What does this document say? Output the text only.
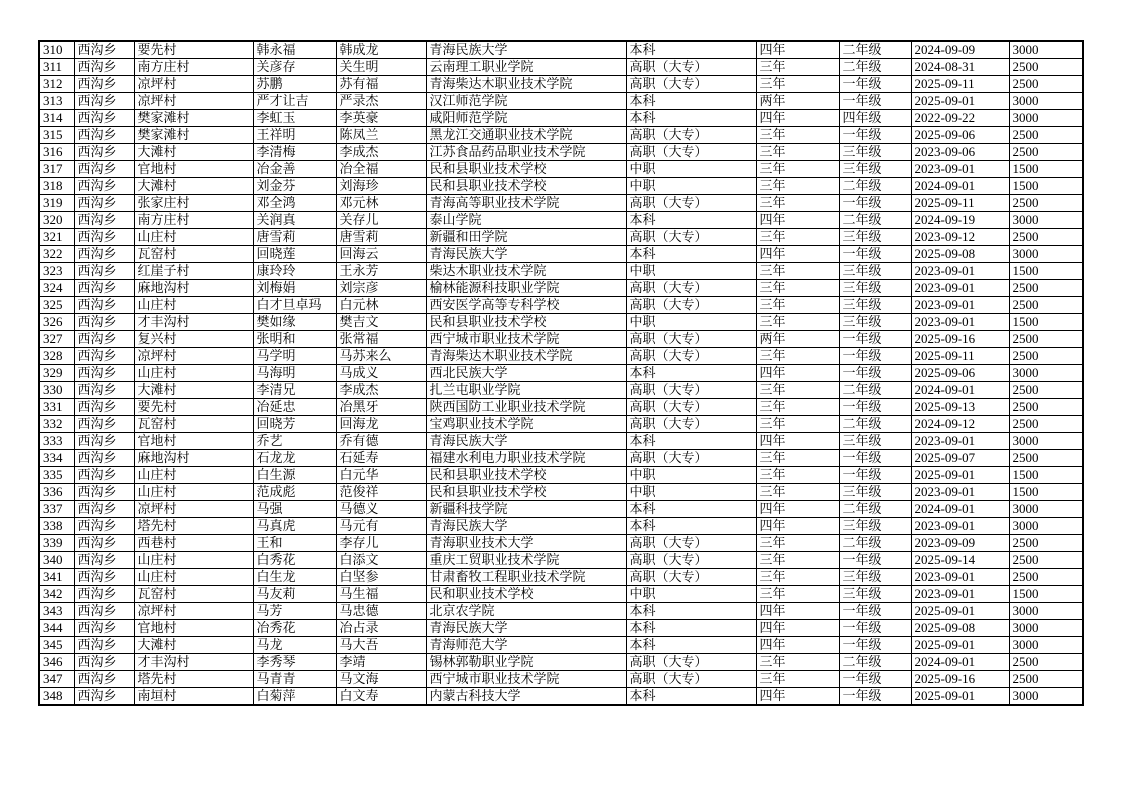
310	西沟乡	要先村	韩永福	韩成龙	青海民族大学	本科	四年	二年级	2024-09-09	3000
311	西沟乡	南方庄村	关彦存	关生明	云南理工职业学院	高职（大专）	三年	二年级	2024-08-31	2500
312	西沟乡	凉坪村	苏鹏	苏有福	青海柴达木职业技术学院	高职（大专）	三年	一年级	2025-09-11	2500
313	西沟乡	凉坪村	严才让吉	严录杰	汉江师范学院	本科	两年	一年级	2025-09-01	3000
314	西沟乡	樊家滩村	李虹玉	李英豪	咸阳师范学院	本科	四年	四年级	2022-09-22	3000
315	西沟乡	樊家滩村	王祥明	陈凤兰	黑龙江交通职业技术学院	高职（大专）	三年	一年级	2025-09-06	2500
316	西沟乡	大滩村	李清梅	李成杰	江苏食品药品职业技术学院	高职（大专）	三年	三年级	2023-09-06	2500
317	西沟乡	官地村	冶金善	冶全福	民和县职业技术学校	中职	三年	三年级	2023-09-01	1500
318	西沟乡	大滩村	刘金芬	刘海珍	民和县职业技术学校	中职	三年	二年级	2024-09-01	1500
319	西沟乡	张家庄村	邓全鸿	邓元林	青海高等职业技术学院	高职（大专）	三年	一年级	2025-09-11	2500
320	西沟乡	南方庄村	关润真	关存儿	泰山学院	本科	四年	二年级	2024-09-19	3000
321	西沟乡	山庄村	唐雪莉	唐雪莉	新疆和田学院	高职（大专）	三年	三年级	2023-09-12	2500
322	西沟乡	瓦窑村	回晓莲	回海云	青海民族大学	本科	四年	一年级	2025-09-08	3000
323	西沟乡	红崖子村	康玲玲	王永芳	柴达木职业技术学院	中职	三年	三年级	2023-09-01	1500
324	西沟乡	麻地沟村	刘梅娟	刘宗彦	榆林能源科技职业学院	高职（大专）	三年	三年级	2023-09-01	2500
325	西沟乡	山庄村	白才旦卓玛	白元林	西安医学高等专科学校	高职（大专）	三年	三年级	2023-09-01	2500
326	西沟乡	才丰沟村	樊如缘	樊吉文	民和县职业技术学校	中职	三年	三年级	2023-09-01	1500
327	西沟乡	复兴村	张明和	张常福	西宁城市职业技术学院	高职（大专）	两年	一年级	2025-09-16	2500
328	西沟乡	凉坪村	马学明	马苏来么	青海柴达木职业技术学院	高职（大专）	三年	一年级	2025-09-11	2500
329	西沟乡	山庄村	马海明	马成义	西北民族大学	本科	四年	一年级	2025-09-06	3000
330	西沟乡	大滩村	李清兄	李成杰	扎兰屯职业学院	高职（大专）	三年	二年级	2024-09-01	2500
331	西沟乡	要先村	冶延忠	冶黑牙	陕西国防工业职业技术学院	高职（大专）	三年	一年级	2025-09-13	2500
332	西沟乡	瓦窑村	回晓芳	回海龙	宝鸡职业技术学院	高职（大专）	三年	二年级	2024-09-12	2500
333	西沟乡	官地村	乔艺	乔有德	青海民族大学	本科	四年	三年级	2023-09-01	3000
334	西沟乡	麻地沟村	石龙龙	石延寿	福建水利电力职业技术学院	高职（大专）	三年	一年级	2025-09-07	2500
335	西沟乡	山庄村	白生源	白元华	民和县职业技术学校	中职	三年	一年级	2025-09-01	1500
336	西沟乡	山庄村	范成彪	范俊祥	民和县职业技术学校	中职	三年	三年级	2023-09-01	1500
337	西沟乡	凉坪村	马强	马德义	新疆科技学院	本科	四年	二年级	2024-09-01	3000
338	西沟乡	塔先村	马真虎	马元有	青海民族大学	本科	四年	三年级	2023-09-01	3000
339	西沟乡	西巷村	王和	李存儿	青海职业技术大学	高职（大专）	三年	二年级	2023-09-09	2500
340	西沟乡	山庄村	白秀花	白添文	重庆工贸职业技术学院	高职（大专）	三年	一年级	2025-09-14	2500
341	西沟乡	山庄村	白生龙	白坚参	甘肃畜牧工程职业技术学院	高职（大专）	三年	三年级	2023-09-01	2500
342	西沟乡	瓦窑村	马友莉	马生福	民和职业技术学校	中职	三年	三年级	2023-09-01	1500
343	西沟乡	凉坪村	马芳	马忠德	北京农学院	本科	四年	一年级	2025-09-01	3000
344	西沟乡	官地村	冶秀花	冶占录	青海民族大学	本科	四年	一年级	2025-09-08	3000
345	西沟乡	大滩村	马龙	马大吾	青海师范大学	本科	四年	一年级	2025-09-01	3000
346	西沟乡	才丰沟村	李秀琴	李靖	锡林郭勒职业学院	高职（大专）	三年	二年级	2024-09-01	2500
347	西沟乡	塔先村	马青青	马文海	西宁城市职业技术学院	高职（大专）	三年	一年级	2025-09-16	2500
348	西沟乡	南垣村	白菊萍	白文寿	内蒙古科技大学	本科	四年	一年级	2025-09-01	3000
